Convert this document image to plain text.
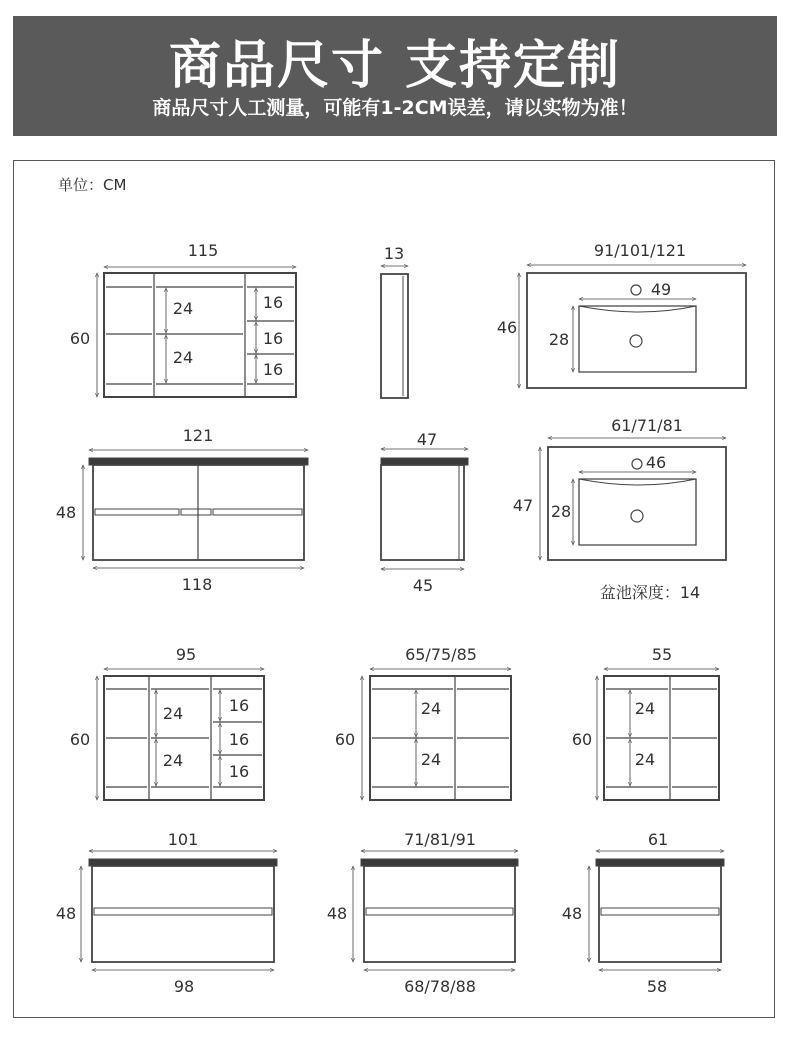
商品尺寸 支持定制
商品尺寸人工测量，可能有1-2CM误差，请以实物为准！
单位：CM
115
60
24
24
16
16
16
13	91/101/121
46
49
28
121
48
118
47
45
61/71/81
47
46
28
盆池深度：14
95
60
24
24
16
16
16
65/75/85
60
24
24
55
60
24
24
101
48
98
71/81/91
48
68/78/88
61
48
58
